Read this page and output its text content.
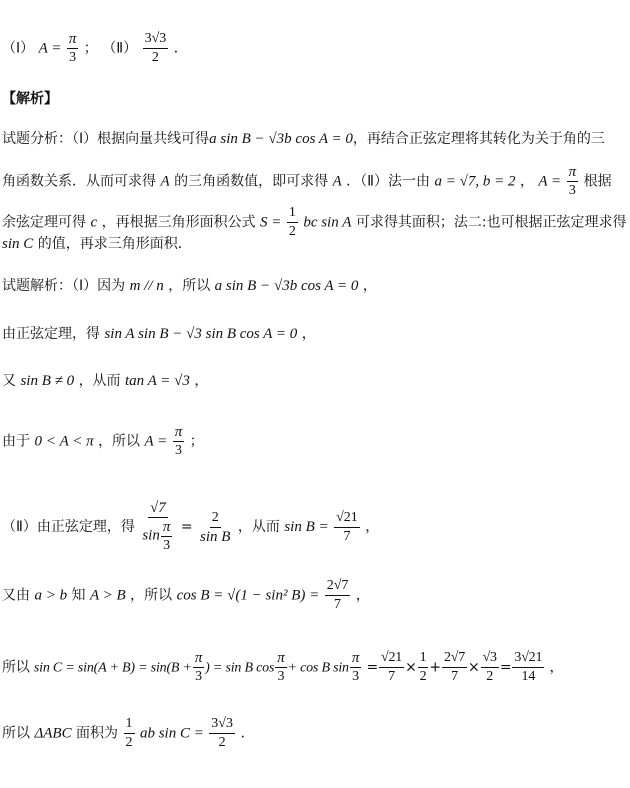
（Ⅰ） $A = \frac{\pi}{3}$ ； （Ⅱ） $\frac{3√3}{2}$ ．
【解析】
试题分析：（Ⅰ）根据向量共线可得a sin B − √3b cos A = 0，再结合正弦定理将其转化为关于角的三
角函数关系．从而可求得 A 的三角函数值，即可求得 A ．（Ⅱ）法一由 a = √7, b = 2 ， $A = \frac{\pi}{3}$ 根据
余弦定理可得 c ，再根据三角形面积公式 $S = \frac{1}{2}$ bc sin A 可求得其面积；法二:也可根据正弦定理求得
sin C 的值，再求三角形面积．
试题解析：（Ⅰ）因为 m // n ，所以 a sin B − √3b cos A = 0 ，
由正弦定理，得 sin A sin B − √3 sin B cos A = 0 ，
又 sin B ≠ 0 ，从而 tan A = √3 ，
由于 0 < A < π ，所以 $A = \frac{\pi}{3}$ ；
（Ⅱ）由正弦定理，得 $\frac{√7}{\sin \frac{\pi}{3}} = \frac{2}{\text{sin B}}$ ，从而 $\sin B = \frac{√21}{7}$ ，
又由 a > b 知 A > B ，所以 cos B = √(1 − sin² $B) = \frac{2√7}{7}$ ，
所以 $\sin C = \sin(A + B) = \sin(B + \frac{\pi}{3}$ ) = sin B $\cos \frac{\pi}{3} + \cos B$ $\sin \frac{\pi}{3} = \frac{√21}{7} \times \frac{1}{2} + \frac{2√7}{7} \times \frac{√3}{2} = \frac{3√21}{14}$ ，
所以 ΔABC 面积为 $\frac{1}{2}$ ab $\sin C = \frac{3√3}{2}$ ．
